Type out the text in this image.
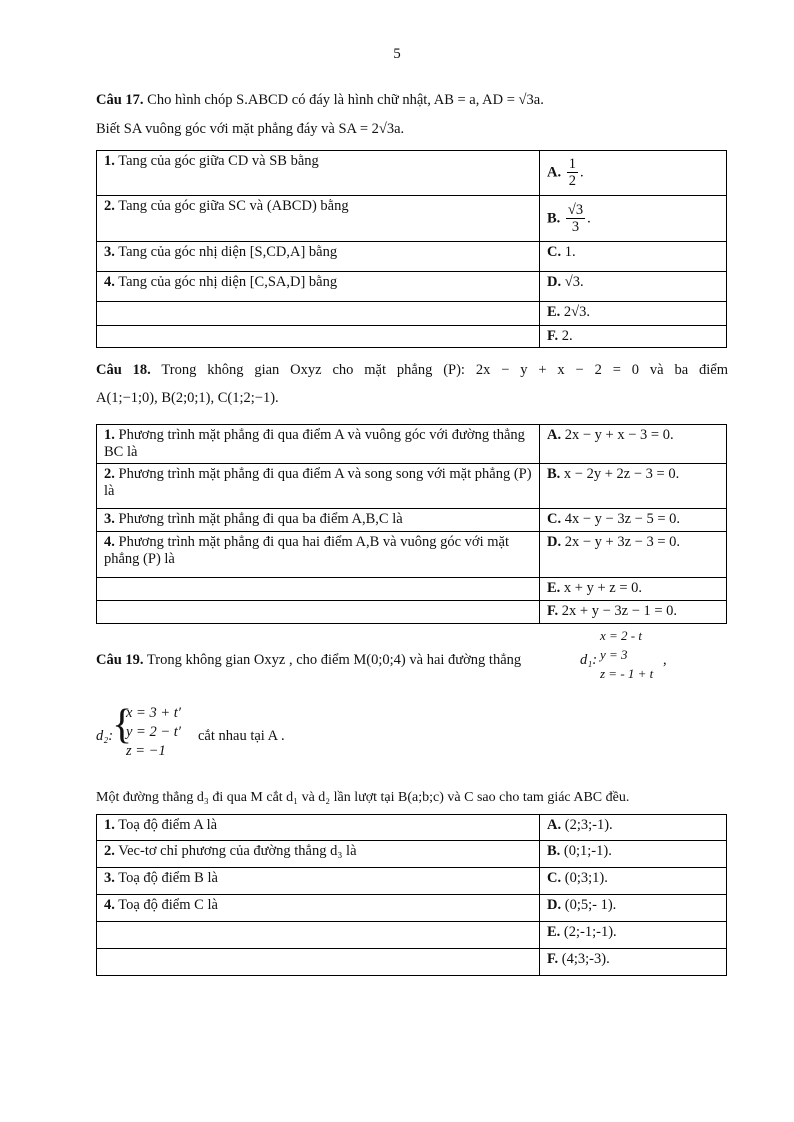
5
Câu 17. Cho hình chóp S.ABCD có đáy là hình chữ nhật, AB = a, AD = √3a.
Biết SA vuông góc với mặt phẳng đáy và SA = 2√3a.
1. Tang của góc giữa CD và SB bằng	A. $\frac{1}{2}$ .
2. Tang của góc giữa SC và (ABCD) bằng	B. $\frac{√3}{3}$ .
3. Tang của góc nhị diện [S,CD,A] bằng	C. 1.
4. Tang của góc nhị diện [C,SA,D] bằng	D. √3.
	E. 2√3.
	F. 2.
Câu 18. Trong không gian Oxyz cho mặt phẳng (P): 2x − y + x − 2 = 0 và ba điểm
A(1;−1;0), B(2;0;1), C(1;2;−1).
1. Phương trình mặt phẳng đi qua điểm A và vuông góc với đường thẳng BC là	A. 2x − y + x − 3 = 0.
2. Phương trình mặt phẳng đi qua điểm A và song song với mặt phẳng (P) là	B. x − 2y + 2z − 3 = 0.
3. Phương trình mặt phẳng đi qua ba điểm A,B,C là	C. 4x − y − 3z − 5 = 0.
4. Phương trình mặt phẳng đi qua hai điểm A,B và vuông góc với mặt phẳng (P) là	D. 2x − y + 3z − 3 = 0.
	E. x + y + z = 0.
	F. 2x + y − 3z − 1 = 0.
Câu 19. Trong không gian Oxyz , cho điểm M(0;0;4) và hai đường thẳng	d₁:
x = 2 - t
y = 3
z = - 1 + t
,
d₂:
{
x = 3 + t′
y = 2 − t′
z = −1
cắt nhau tại A .
Một đường thẳng d₃ đi qua M cắt d₁ và d₂ lần lượt tại B(a;b;c) và C sao cho tam giác ABC đều.
1. Toạ độ điểm A là	A. (2;3;-1).
2. Vec-tơ chỉ phương của đường thẳng d₃ là	B. (0;1;-1).
3. Toạ độ điểm B là	C. (0;3;1).
4. Toạ độ điểm C là	D. (0;5;- 1).
	E. (2;-1;-1).
	F. (4;3;-3).
